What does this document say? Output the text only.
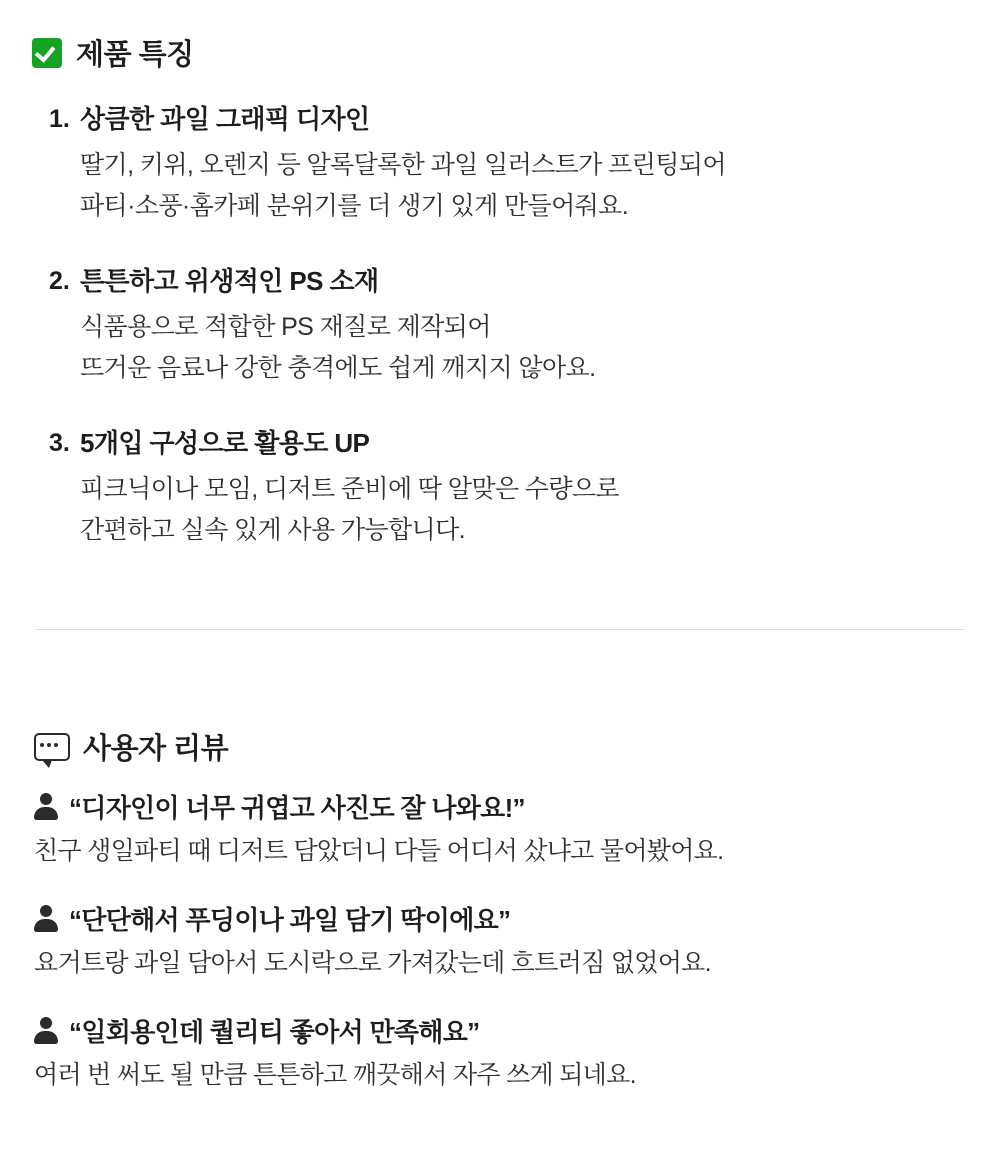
제품 특징
1. 상큼한 과일 그래픽 디자인
딸기, 키위, 오렌지 등 알록달록한 과일 일러스트가 프린팅되어
파티·소풍·홈카페 분위기를 더 생기 있게 만들어줘요.
2. 튼튼하고 위생적인 PS 소재
식품용으로 적합한 PS 재질로 제작되어
뜨거운 음료나 강한 충격에도 쉽게 깨지지 않아요.
3. 5개입 구성으로 활용도 UP
피크닉이나 모임, 디저트 준비에 딱 알맞은 수량으로
간편하고 실속 있게 사용 가능합니다.
사용자 리뷰
“디자인이 너무 귀엽고 사진도 잘 나와요!”
친구 생일파티 때 디저트 담았더니 다들 어디서 샀냐고 물어봤어요.
“단단해서 푸딩이나 과일 담기 딱이에요”
요거트랑 과일 담아서 도시락으로 가져갔는데 흐트러짐 없었어요.
“일회용인데 퀄리티 좋아서 만족해요”
여러 번 써도 될 만큼 튼튼하고 깨끗해서 자주 쓰게 되네요.
